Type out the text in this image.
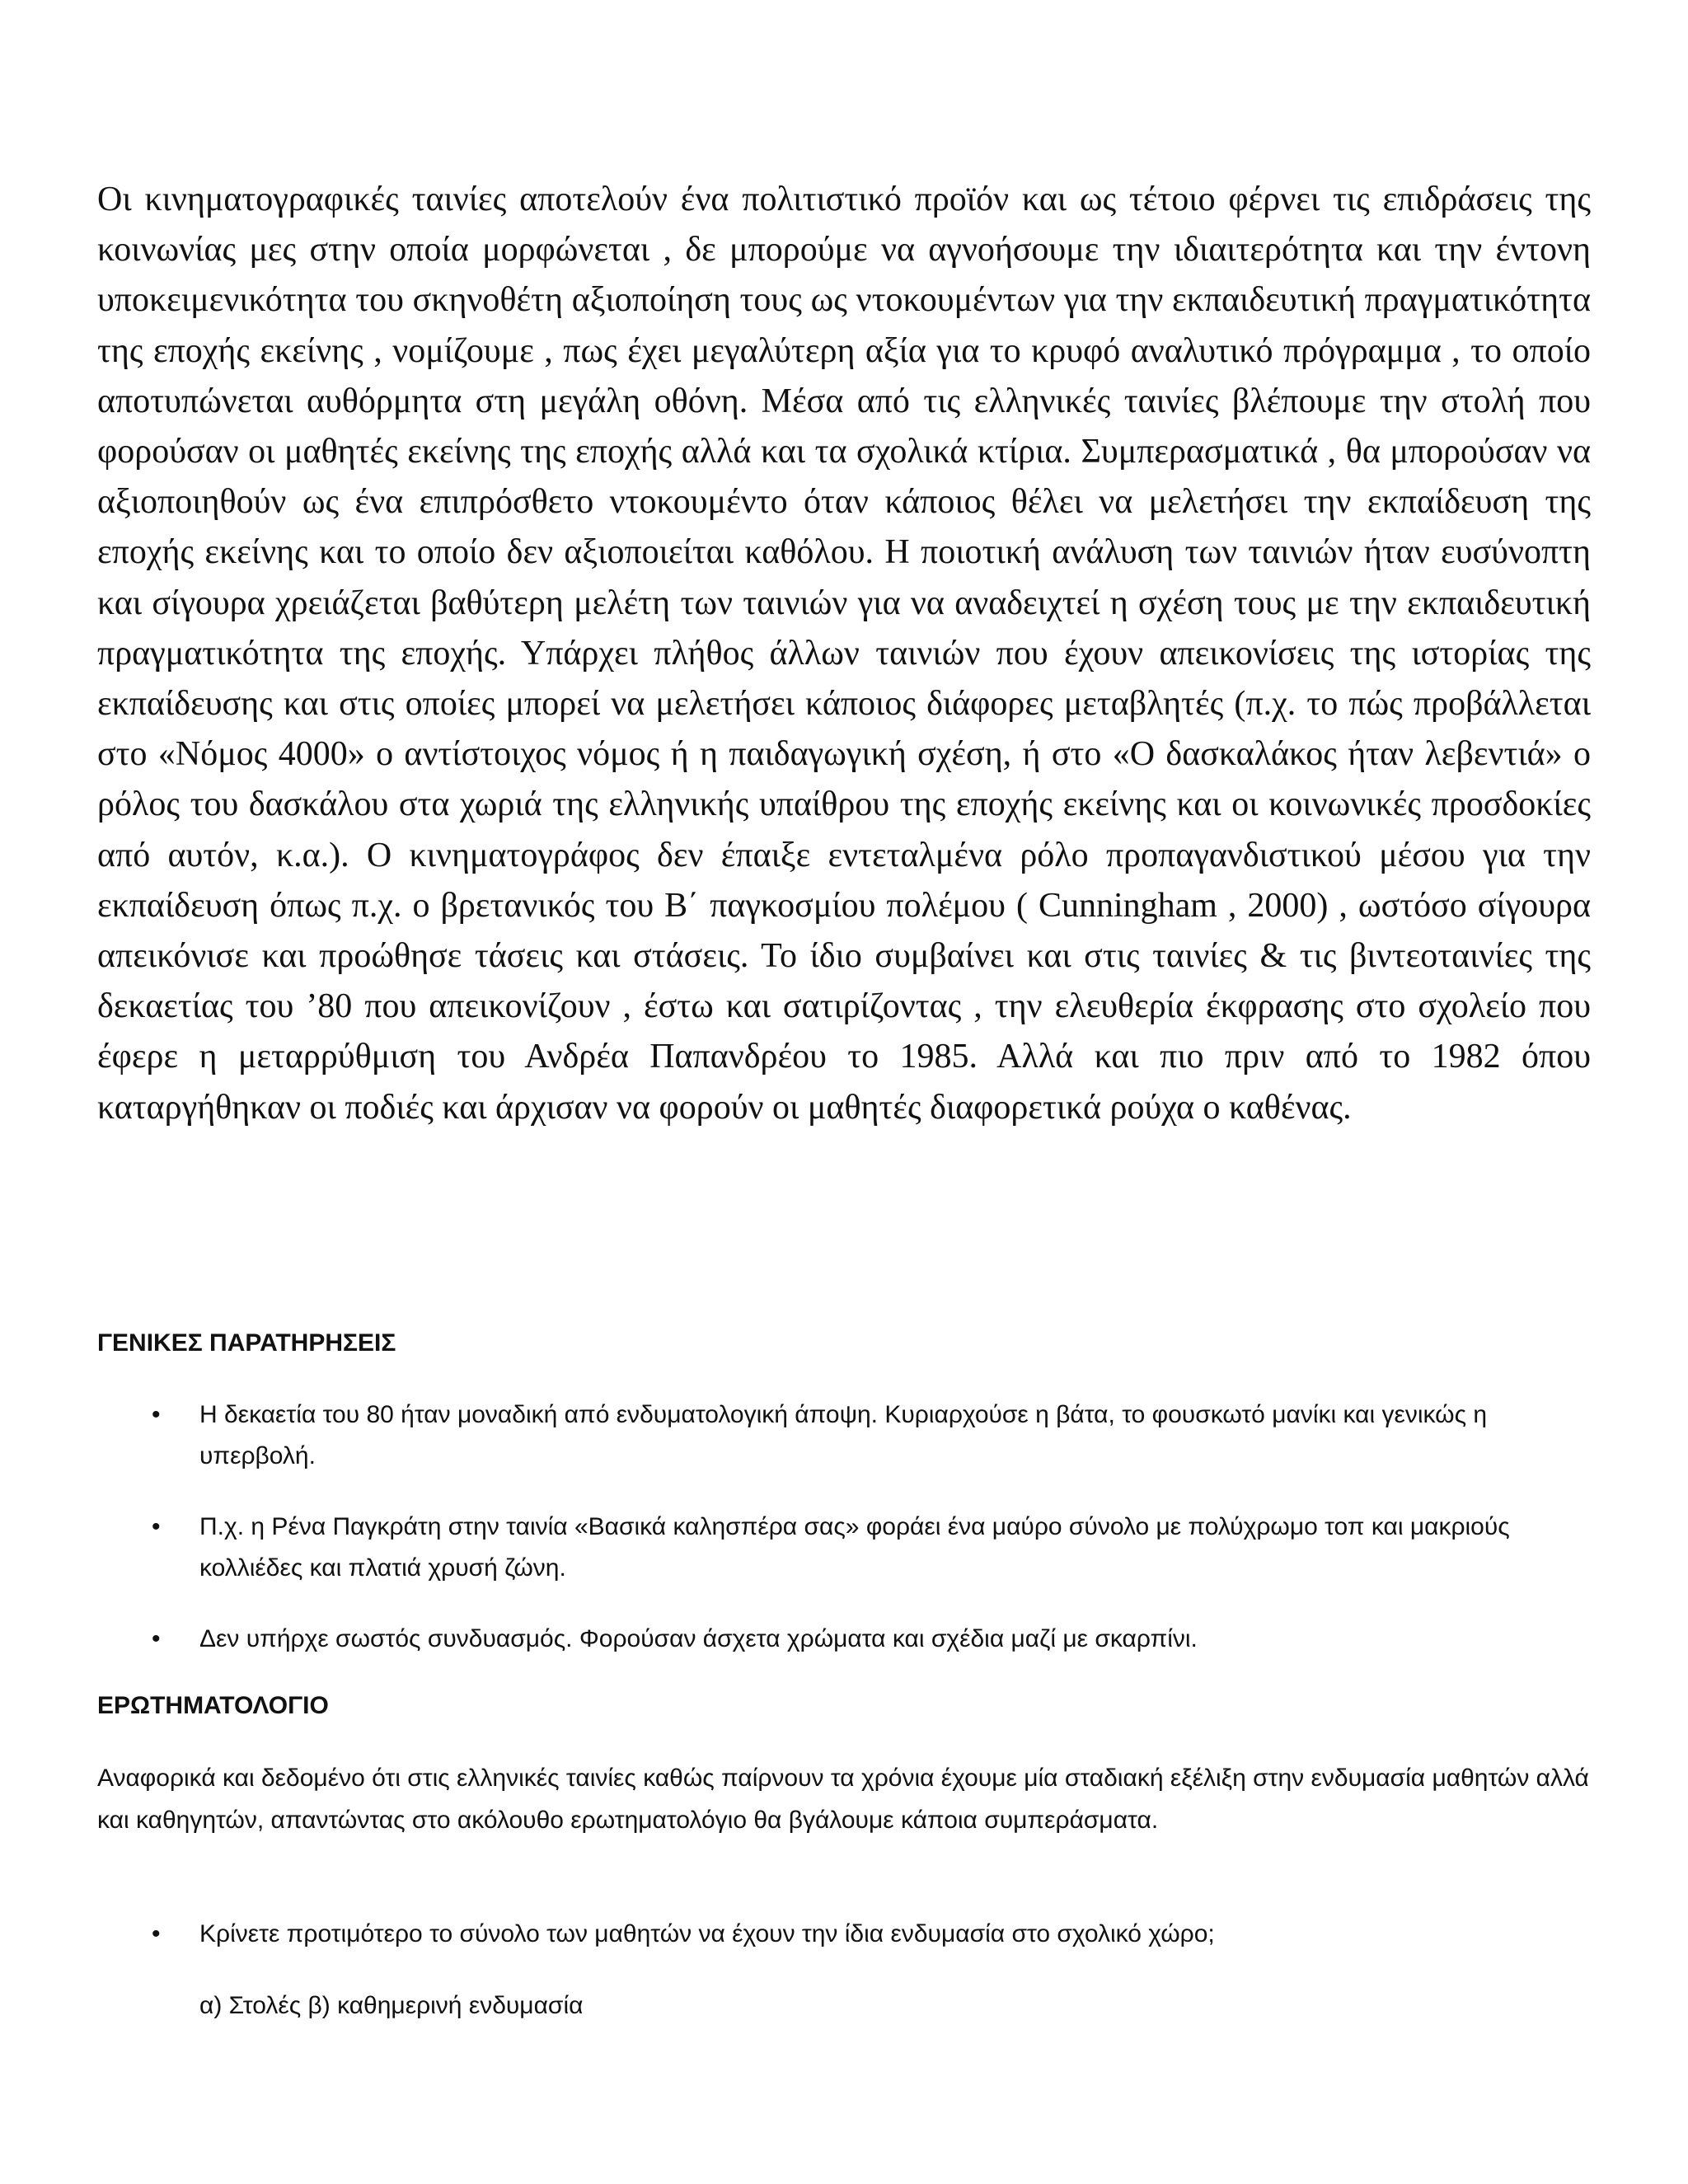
Οι κινηματογραφικές ταινίες αποτελούν ένα πολιτιστικό προϊόν και ως τέτοιο φέρνει τις επιδράσεις της κοινωνίας μες στην οποία μορφώνεται , δε μπορούμε να αγνοήσουμε την ιδιαιτερότητα και την έντονη υποκειμενικότητα του σκηνοθέτη αξιοποίηση τους ως ντοκουμέντων για την εκπαιδευτική πραγματικότητα της εποχής εκείνης , νομίζουμε , πως έχει μεγαλύτερη αξία για το κρυφό αναλυτικό πρόγραμμα , το οποίο αποτυπώνεται αυθόρμητα στη μεγάλη οθόνη. Μέσα από τις ελληνικές ταινίες βλέπουμε την στολή που φορούσαν οι μαθητές εκείνης της εποχής αλλά και τα σχολικά κτίρια. Συμπερασματικά , θα μπορούσαν να αξιοποιηθούν ως ένα επιπρόσθετο ντοκουμέντο όταν κάποιος θέλει να μελετήσει την εκπαίδευση της εποχής εκείνης και το οποίο δεν αξιοποιείται καθόλου. Η ποιοτική ανάλυση των ταινιών ήταν ευσύνοπτη και σίγουρα χρειάζεται βαθύτερη μελέτη των ταινιών για να αναδειχτεί η σχέση τους με την εκπαιδευτική πραγματικότητα της εποχής. Υπάρχει πλήθος άλλων ταινιών που έχουν απεικονίσεις της ιστορίας της εκπαίδευσης και στις οποίες μπορεί να μελετήσει κάποιος διάφορες μεταβλητές (π.χ. το πώς προβάλλεται στο «Νόμος 4000» ο αντίστοιχος νόμος ή η παιδαγωγική σχέση, ή στο «Ο δασκαλάκος ήταν λεβεντιά» ο ρόλος του δασκάλου στα χωριά της ελληνικής υπαίθρου της εποχής εκείνης και οι κοινωνικές προσδοκίες από αυτόν, κ.α.). Ο κινηματογράφος δεν έπαιξε εντεταλμένα ρόλο προπαγανδιστικού μέσου για την εκπαίδευση όπως π.χ. ο βρετανικός του Β΄ παγκοσμίου πολέμου ( Cunningham , 2000) , ωστόσο σίγουρα απεικόνισε και προώθησε τάσεις και στάσεις. Το ίδιο συμβαίνει και στις ταινίες & τις βιντεοταινίες της δεκαετίας του ’80 που απεικονίζουν , έστω και σατιρίζοντας , την ελευθερία έκφρασης στο σχολείο που έφερε η μεταρρύθμιση του Ανδρέα Παπανδρέου το 1985. Αλλά και πιο πριν από το 1982 όπου καταργήθηκαν οι ποδιές και άρχισαν να φορούν οι μαθητές διαφορετικά ρούχα ο καθένας.

ΓΕΝΙΚΕΣ ΠΑΡΑΤΗΡΗΣΕΙΣ
• Η δεκαετία του 80 ήταν μοναδική από ενδυματολογική άποψη. Κυριαρχούσε η βάτα, το φουσκωτό μανίκι και γενικώς η υπερβολή.
• Π.χ. η Ρένα Παγκράτη στην ταινία «Βασικά καλησπέρα σας» φοράει ένα μαύρο σύνολο με πολύχρωμο τοπ και μακριούς κολλιέδες και πλατιά χρυσή ζώνη.
• Δεν υπήρχε σωστός συνδυασμός. Φορούσαν άσχετα χρώματα και σχέδια μαζί με σκαρπίνι.
ΕΡΩΤΗΜΑΤΟΛΟΓΙΟ

Αναφορικά και δεδομένο ότι στις ελληνικές ταινίες καθώς παίρνουν τα χρόνια έχουμε μία σταδιακή εξέλιξη στην ενδυμασία μαθητών αλλά και καθηγητών, απαντώντας στο ακόλουθο ερωτηματολόγιο θα βγάλουμε κάποια συμπεράσματα.

• Κρίνετε προτιμότερο το σύνολο των μαθητών να έχουν την ίδια ενδυμασία στο σχολικό χώρο;

α) Στολές β) καθημερινή ενδυμασία
